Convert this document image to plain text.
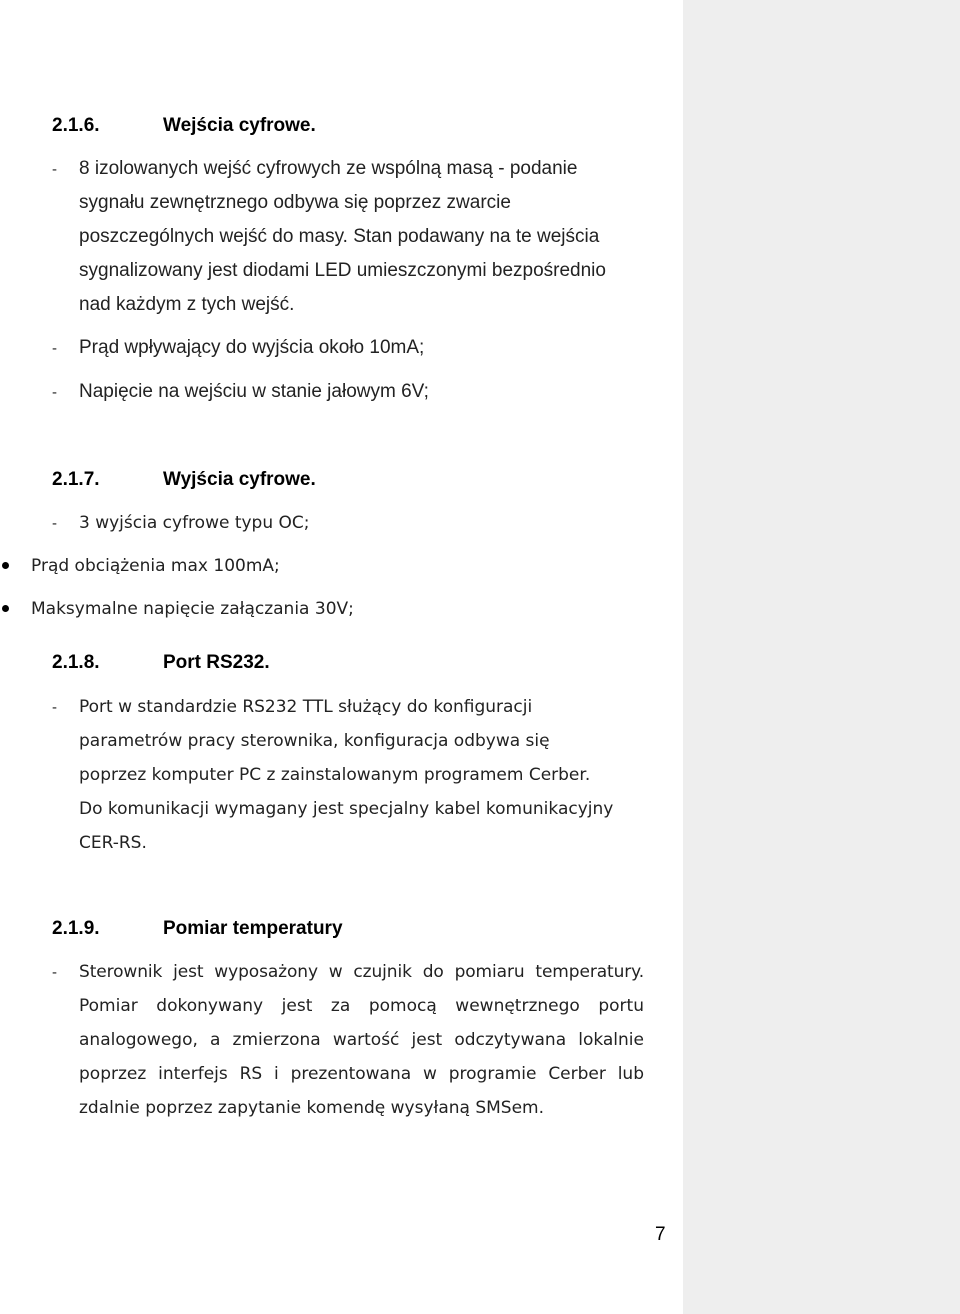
2.1.6.	Wejścia cyfrowe.
- 8 izolowanych wejść cyfrowych ze wspólną masą - podanie
sygnału zewnętrznego odbywa się poprzez zwarcie
poszczególnych wejść do masy. Stan podawany na te wejścia
sygnalizowany jest diodami LED umieszczonymi bezpośrednio
nad każdym z tych wejść.
- Prąd wpływający do wyjścia około 10mA;
- Napięcie na wejściu w stanie jałowym 6V;
2.1.7.	Wyjścia cyfrowe.
- 3 wyjścia cyfrowe typu OC;
Prąd obciążenia max 100mA;
Maksymalne napięcie załączania 30V;
2.1.8.	Port RS232.
- Port w standardzie RS232 TTL służący do konfiguracji
parametrów pracy sterownika, konfiguracja odbywa się
poprzez komputer PC z zainstalowanym programem Cerber.
Do komunikacji wymagany jest specjalny kabel komunikacyjny
CER-RS.
2.1.9.	Pomiar temperatury
- Sterownik jest wyposażony w czujnik do pomiaru temperatury.
Pomiar dokonywany jest za pomocą wewnętrznego portu
analogowego, a zmierzona wartość jest odczytywana lokalnie
poprzez interfejs RS i prezentowana w programie Cerber lub
zdalnie poprzez zapytanie komendę wysyłaną SMSem.
7
